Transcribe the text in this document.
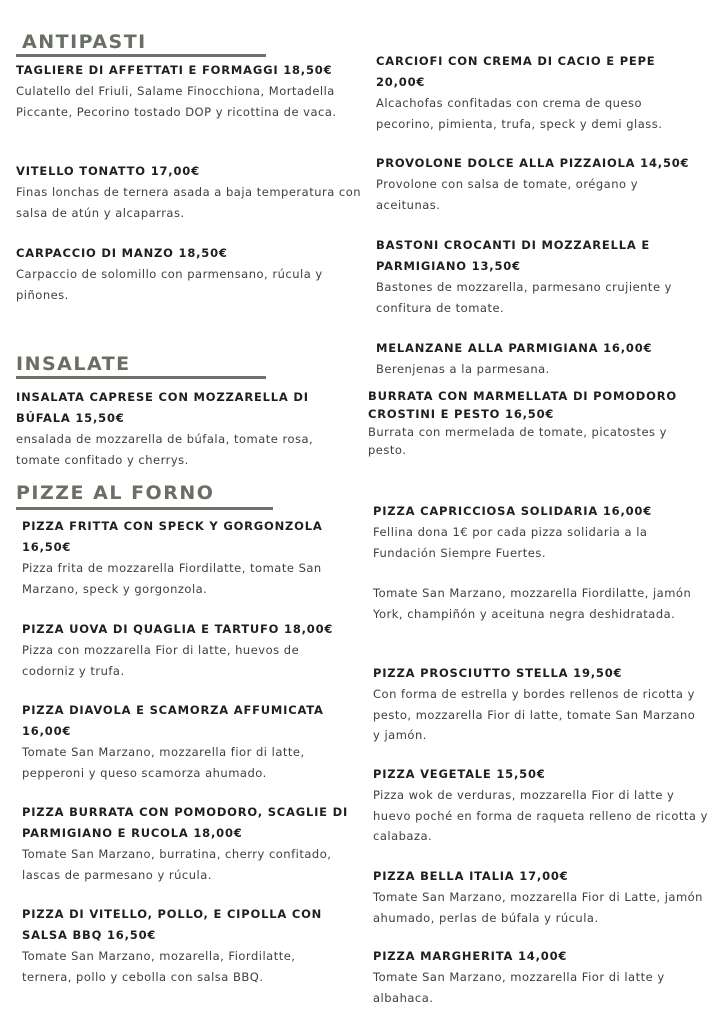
ANTIPASTI
INSALATE
PIZZE AL FORNO

TAGLIERE DI AFFETTATI E FORMAGGI 18,50€

Culatello del Friuli, Salame Finocchiona, Mortadella Piccante, Pecorino tostado DOP y ricottina de vaca.

VITELLO TONATTO 17,00€

Finas lonchas de ternera asada a baja temperatura con salsa de atún y alcaparras.

CARPACCIO DI MANZO 18,50€

Carpaccio de solomillo con parmensano, rúcula y piñones.

CARCIOFI CON CREMA DI CACIO E PEPE 20,00€

Alcachofas confitadas con crema de queso pecorino, pimienta, trufa, speck y demi glass.

PROVOLONE DOLCE ALLA PIZZAIOLA 14,50€

Provolone con salsa de tomate, orégano y aceitunas.

BASTONI CROCANTI DI MOZZARELLA E PARMIGIANO 13,50€

Bastones de mozzarella, parmesano crujiente y confitura de tomate.

MELANZANE ALLA PARMIGIANA 16,00€

Berenjenas a la parmesana.

INSALATA CAPRESE CON MOZZARELLA DI BÚFALA 15,50€

ensalada de mozzarella de búfala, tomate rosa, tomate confitado y cherrys.

BURRATA CON MARMELLATA DI POMODORO CROSTINI E PESTO 16,50€

Burrata con mermelada de tomate, picatostes y pesto.

PIZZA FRITTA CON SPECK Y GORGONZOLA 16,50€

Pizza frita de mozzarella Fiordilatte, tomate San Marzano, speck y gorgonzola.

PIZZA UOVA DI QUAGLIA E TARTUFO 18,00€

Pizza con mozzarella Fior di latte, huevos de codorniz y trufa.

PIZZA DIAVOLA E SCAMORZA AFFUMICATA 16,00€

Tomate San Marzano, mozzarella fior di latte, pepperoni y queso scamorza ahumado.

PIZZA BURRATA CON POMODORO, SCAGLIE DI PARMIGIANO E RUCOLA 18,00€

Tomate San Marzano, burratina, cherry confitado, lascas de parmesano y rúcula.

PIZZA DI VITELLO, POLLO, E CIPOLLA CON SALSA BBQ 16,50€

Tomate San Marzano, mozarella, Fiordilatte, ternera, pollo y cebolla con salsa BBQ.

PIZZA CAPRICCIOSA SOLIDARIA 16,00€

Fellina dona 1€ por cada pizza solidaria a la Fundación Siempre Fuertes.

Tomate San Marzano, mozzarella Fiordilatte, jamón York, champiñón y aceituna negra deshidratada.

PIZZA PROSCIUTTO STELLA 19,50€

Con forma de estrella y bordes rellenos de ricotta y pesto, mozzarella Fior di latte, tomate San Marzano y jamón.

PIZZA VEGETALE 15,50€

Pizza wok de verduras, mozzarella Fior di latte y huevo poché en forma de raqueta relleno de ricotta y calabaza.

PIZZA BELLA ITALIA 17,00€

Tomate San Marzano, mozzarella Fior di Latte, jamón ahumado, perlas de búfala y rúcula.

PIZZA MARGHERITA 14,00€

Tomate San Marzano, mozzarella Fior di latte y albahaca.
